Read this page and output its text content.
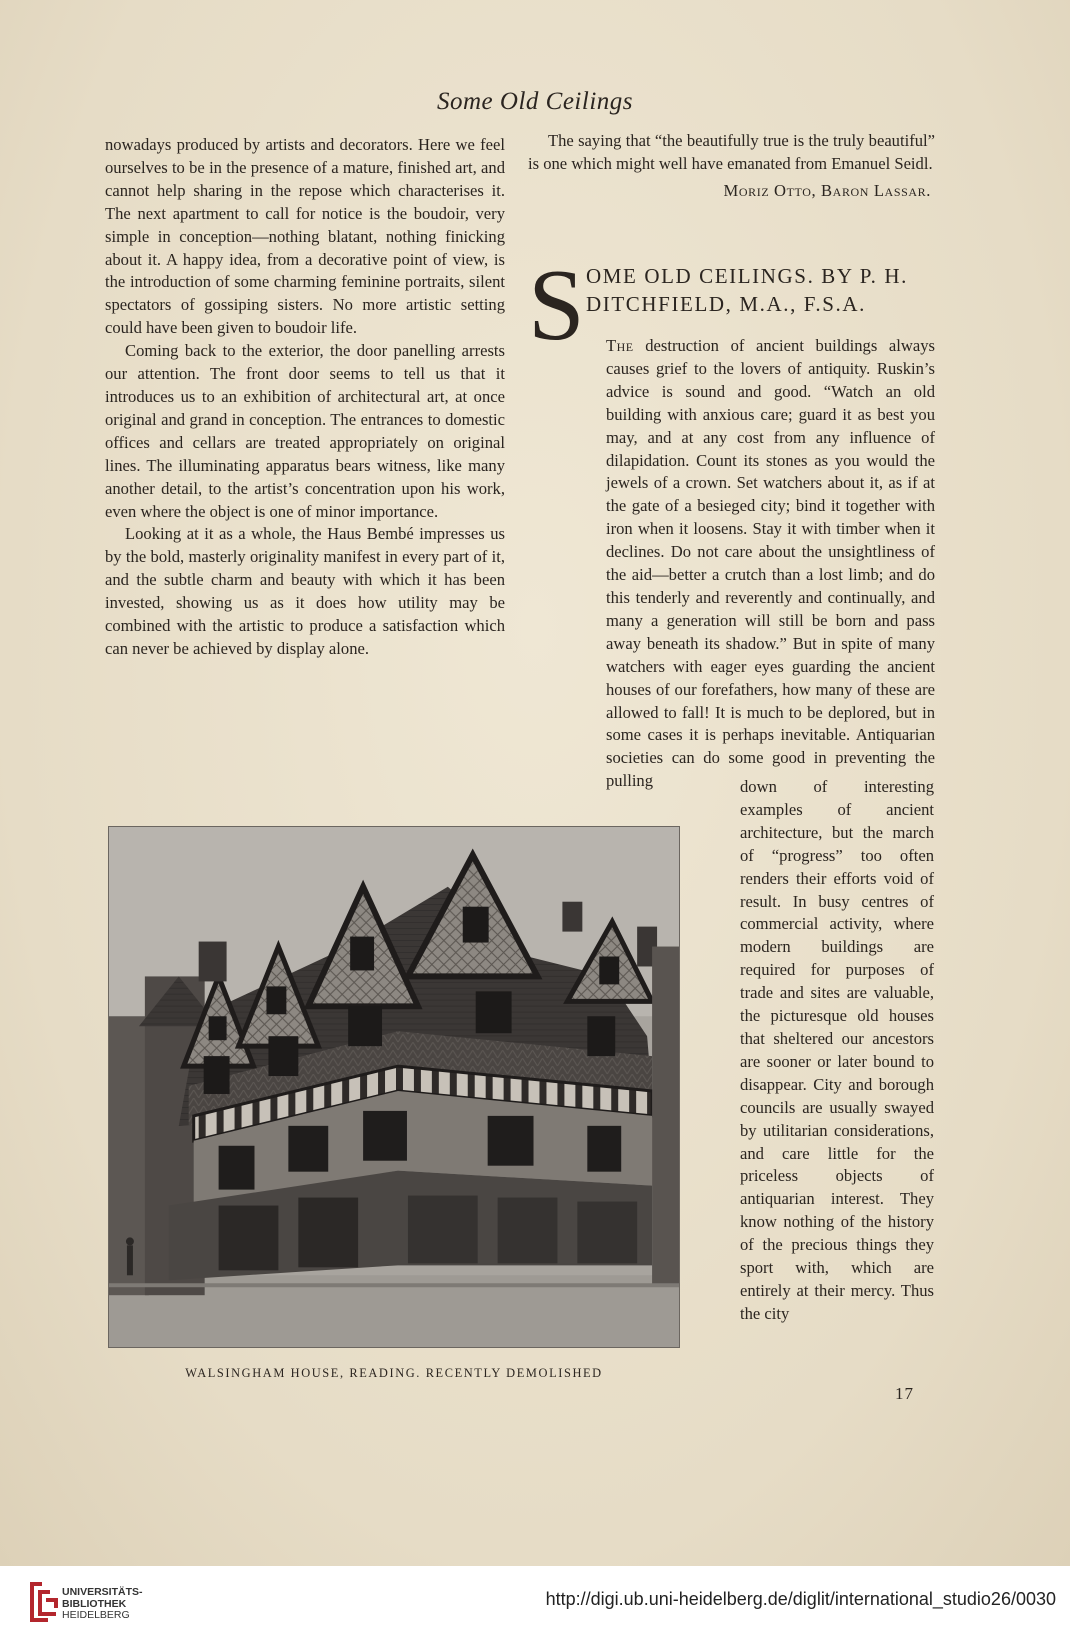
Some Old Ceilings

nowadays produced by artists and decorators. Here we feel ourselves to be in the presence of a mature, finished art, and cannot help sharing in the repose which characterises it. The next apartment to call for notice is the boudoir, very simple in conception—nothing blatant, nothing finicking about it. A happy idea, from a decorative point of view, is the introduction of some charming feminine portraits, silent spectators of gossiping sisters. No more artistic setting could have been given to boudoir life.

Coming back to the exterior, the door panelling arrests our attention. The front door seems to tell us that it introduces us to an exhibition of architectural art, at once original and grand in conception. The entrances to domestic offices and cellars are treated appropriately on original lines. The illuminating apparatus bears witness, like many another detail, to the artist’s concentration upon his work, even where the object is one of minor importance.

Looking at it as a whole, the Haus Bembé impresses us by the bold, masterly originality manifest in every part of it, and the subtle charm and beauty with which it has been invested, showing us as it does how utility may be combined with the artistic to produce a satisfaction which can never be achieved by display alone.

The saying that “the beautifully true is the truly beautiful” is one which might well have emanated from Emanuel Seidl.

Moriz Otto, Baron Lassar.
S OME OLD CEILINGS. BY P. H.
DITCHFIELD, M.A., F.S.A.

The destruction of ancient buildings always causes grief to the lovers of antiquity. Ruskin’s advice is sound and good. “Watch an old building with anxious care; guard it as best you may, and at any cost from any influence of dilapidation. Count its stones as you would the jewels of a crown. Set watchers about it, as if at the gate of a besieged city; bind it together with iron when it loosens. Stay it with timber when it declines. Do not care about the unsightliness of the aid—better a crutch than a lost limb; and do this tenderly and reverently and continually, and many a generation will still be born and pass away beneath its shadow.” But in spite of many watchers with eager eyes guarding the ancient houses of our forefathers, how many of these are allowed to fall! It is much to be deplored, but in some cases it is perhaps inevitable. Antiquarian societies can do some good in preventing the pulling	down of interesting examples of ancient architecture, but the march of “progress” too often renders their efforts void of result. In busy centres of commercial activity, where modern buildings are required for purposes of trade and sites are valuable, the picturesque old houses that sheltered our ancestors are sooner or later bound to disappear. City and borough councils are usually swayed by utilitarian considerations, and care little for the priceless objects of antiquarian interest. They know nothing of the history of the precious things they sport with, which are entirely at their mercy. Thus the city

WALSINGHAM HOUSE, READING. RECENTLY DEMOLISHED
17
UNIVERSITÄTS-
BIBLIOTHEK
HEIDELBERG
http://digi.ub.uni-heidelberg.de/diglit/international_studio26/0030
